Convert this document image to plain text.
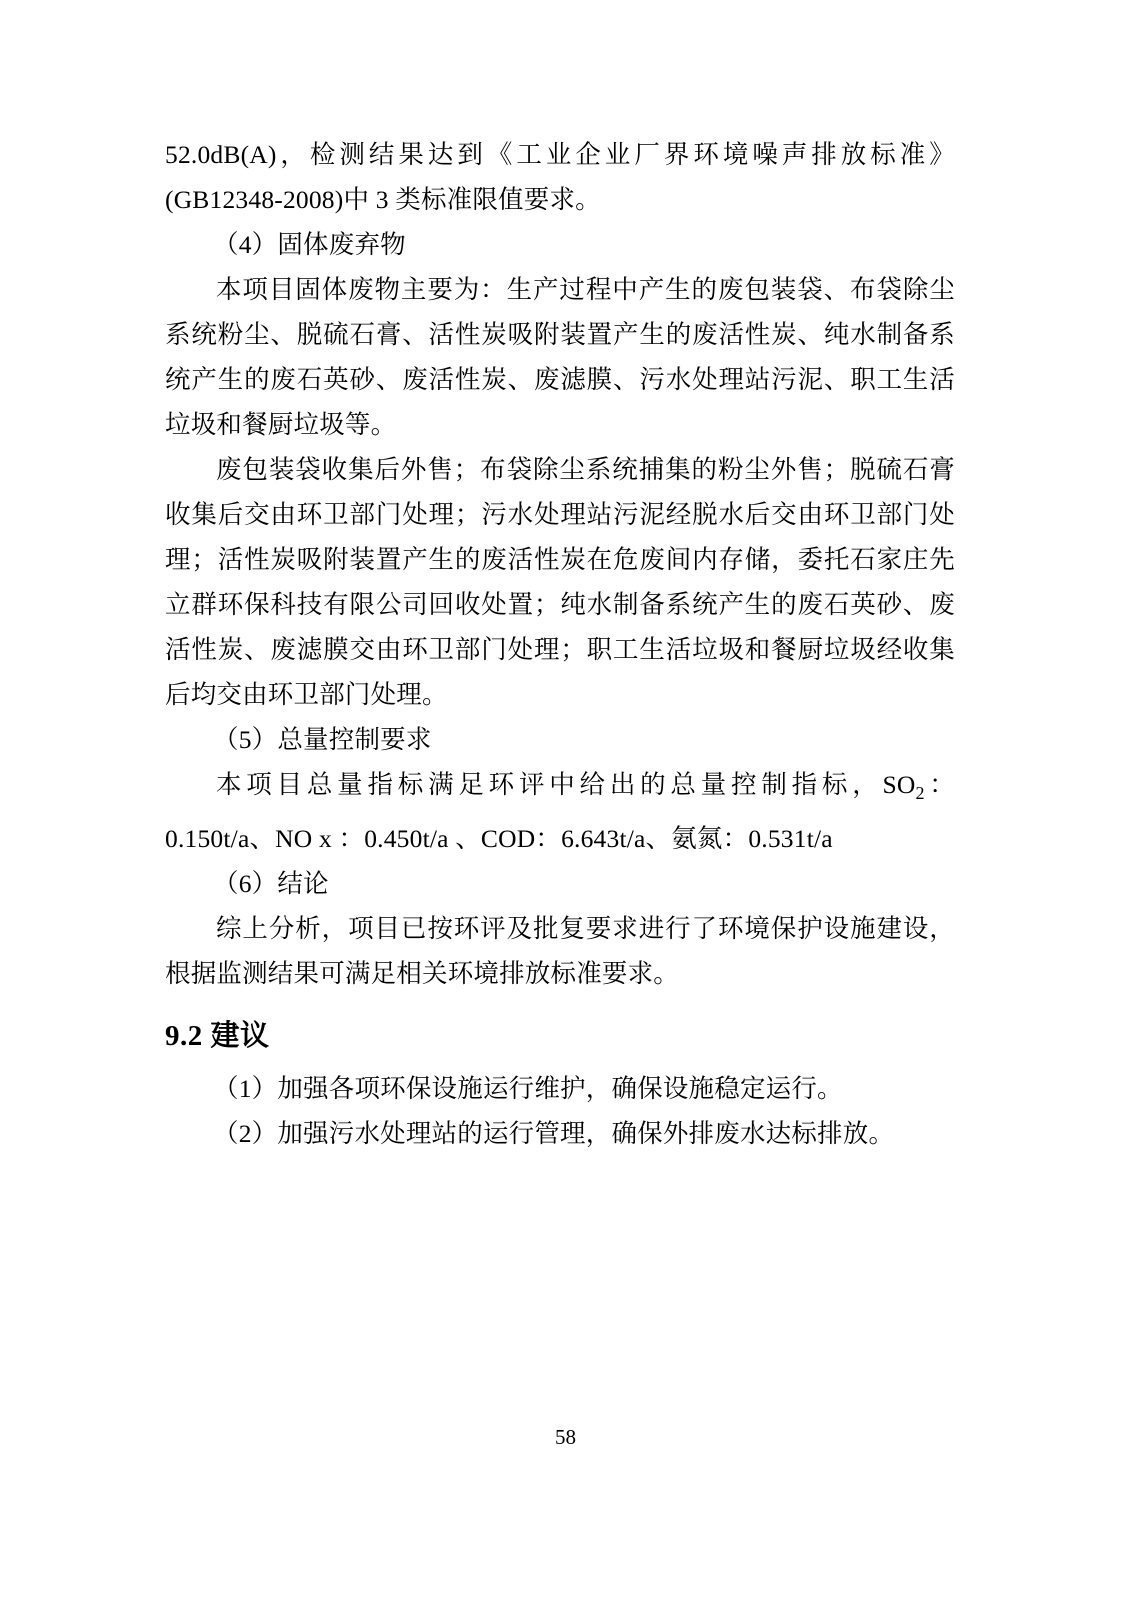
52.0dB(A)，检测结果达到《工业企业厂界环境噪声排放标准》(GB12348-2008)中 3 类标准限值要求。

（4）固体废弃物

本项目固体废物主要为：生产过程中产生的废包装袋、布袋除尘系统粉尘、脱硫石膏、活性炭吸附装置产生的废活性炭、纯水制备系统产生的废石英砂、废活性炭、废滤膜、污水处理站污泥、职工生活垃圾和餐厨垃圾等。

废包装袋收集后外售；布袋除尘系统捕集的粉尘外售；脱硫石膏收集后交由环卫部门处理；污水处理站污泥经脱水后交由环卫部门处理；活性炭吸附装置产生的废活性炭在危废间内存储，委托石家庄先立群环保科技有限公司回收处置；纯水制备系统产生的废石英砂、废活性炭、废滤膜交由环卫部门处理；职工生活垃圾和餐厨垃圾经收集后均交由环卫部门处理。

（5）总量控制要求

本项目总量指标满足环评中给出的总量控制指标，$SO_2$：0.150t/a、NO x ：0.450t/a 、COD：6.643t/a、氨氮：0.531t/a

（6）结论

综上分析，项目已按环评及批复要求进行了环境保护设施建设，根据监测结果可满足相关环境排放标准要求。

9.2 建议

（1）加强各项环保设施运行维护，确保设施稳定运行。

（2）加强污水处理站的运行管理，确保外排废水达标排放。

58
